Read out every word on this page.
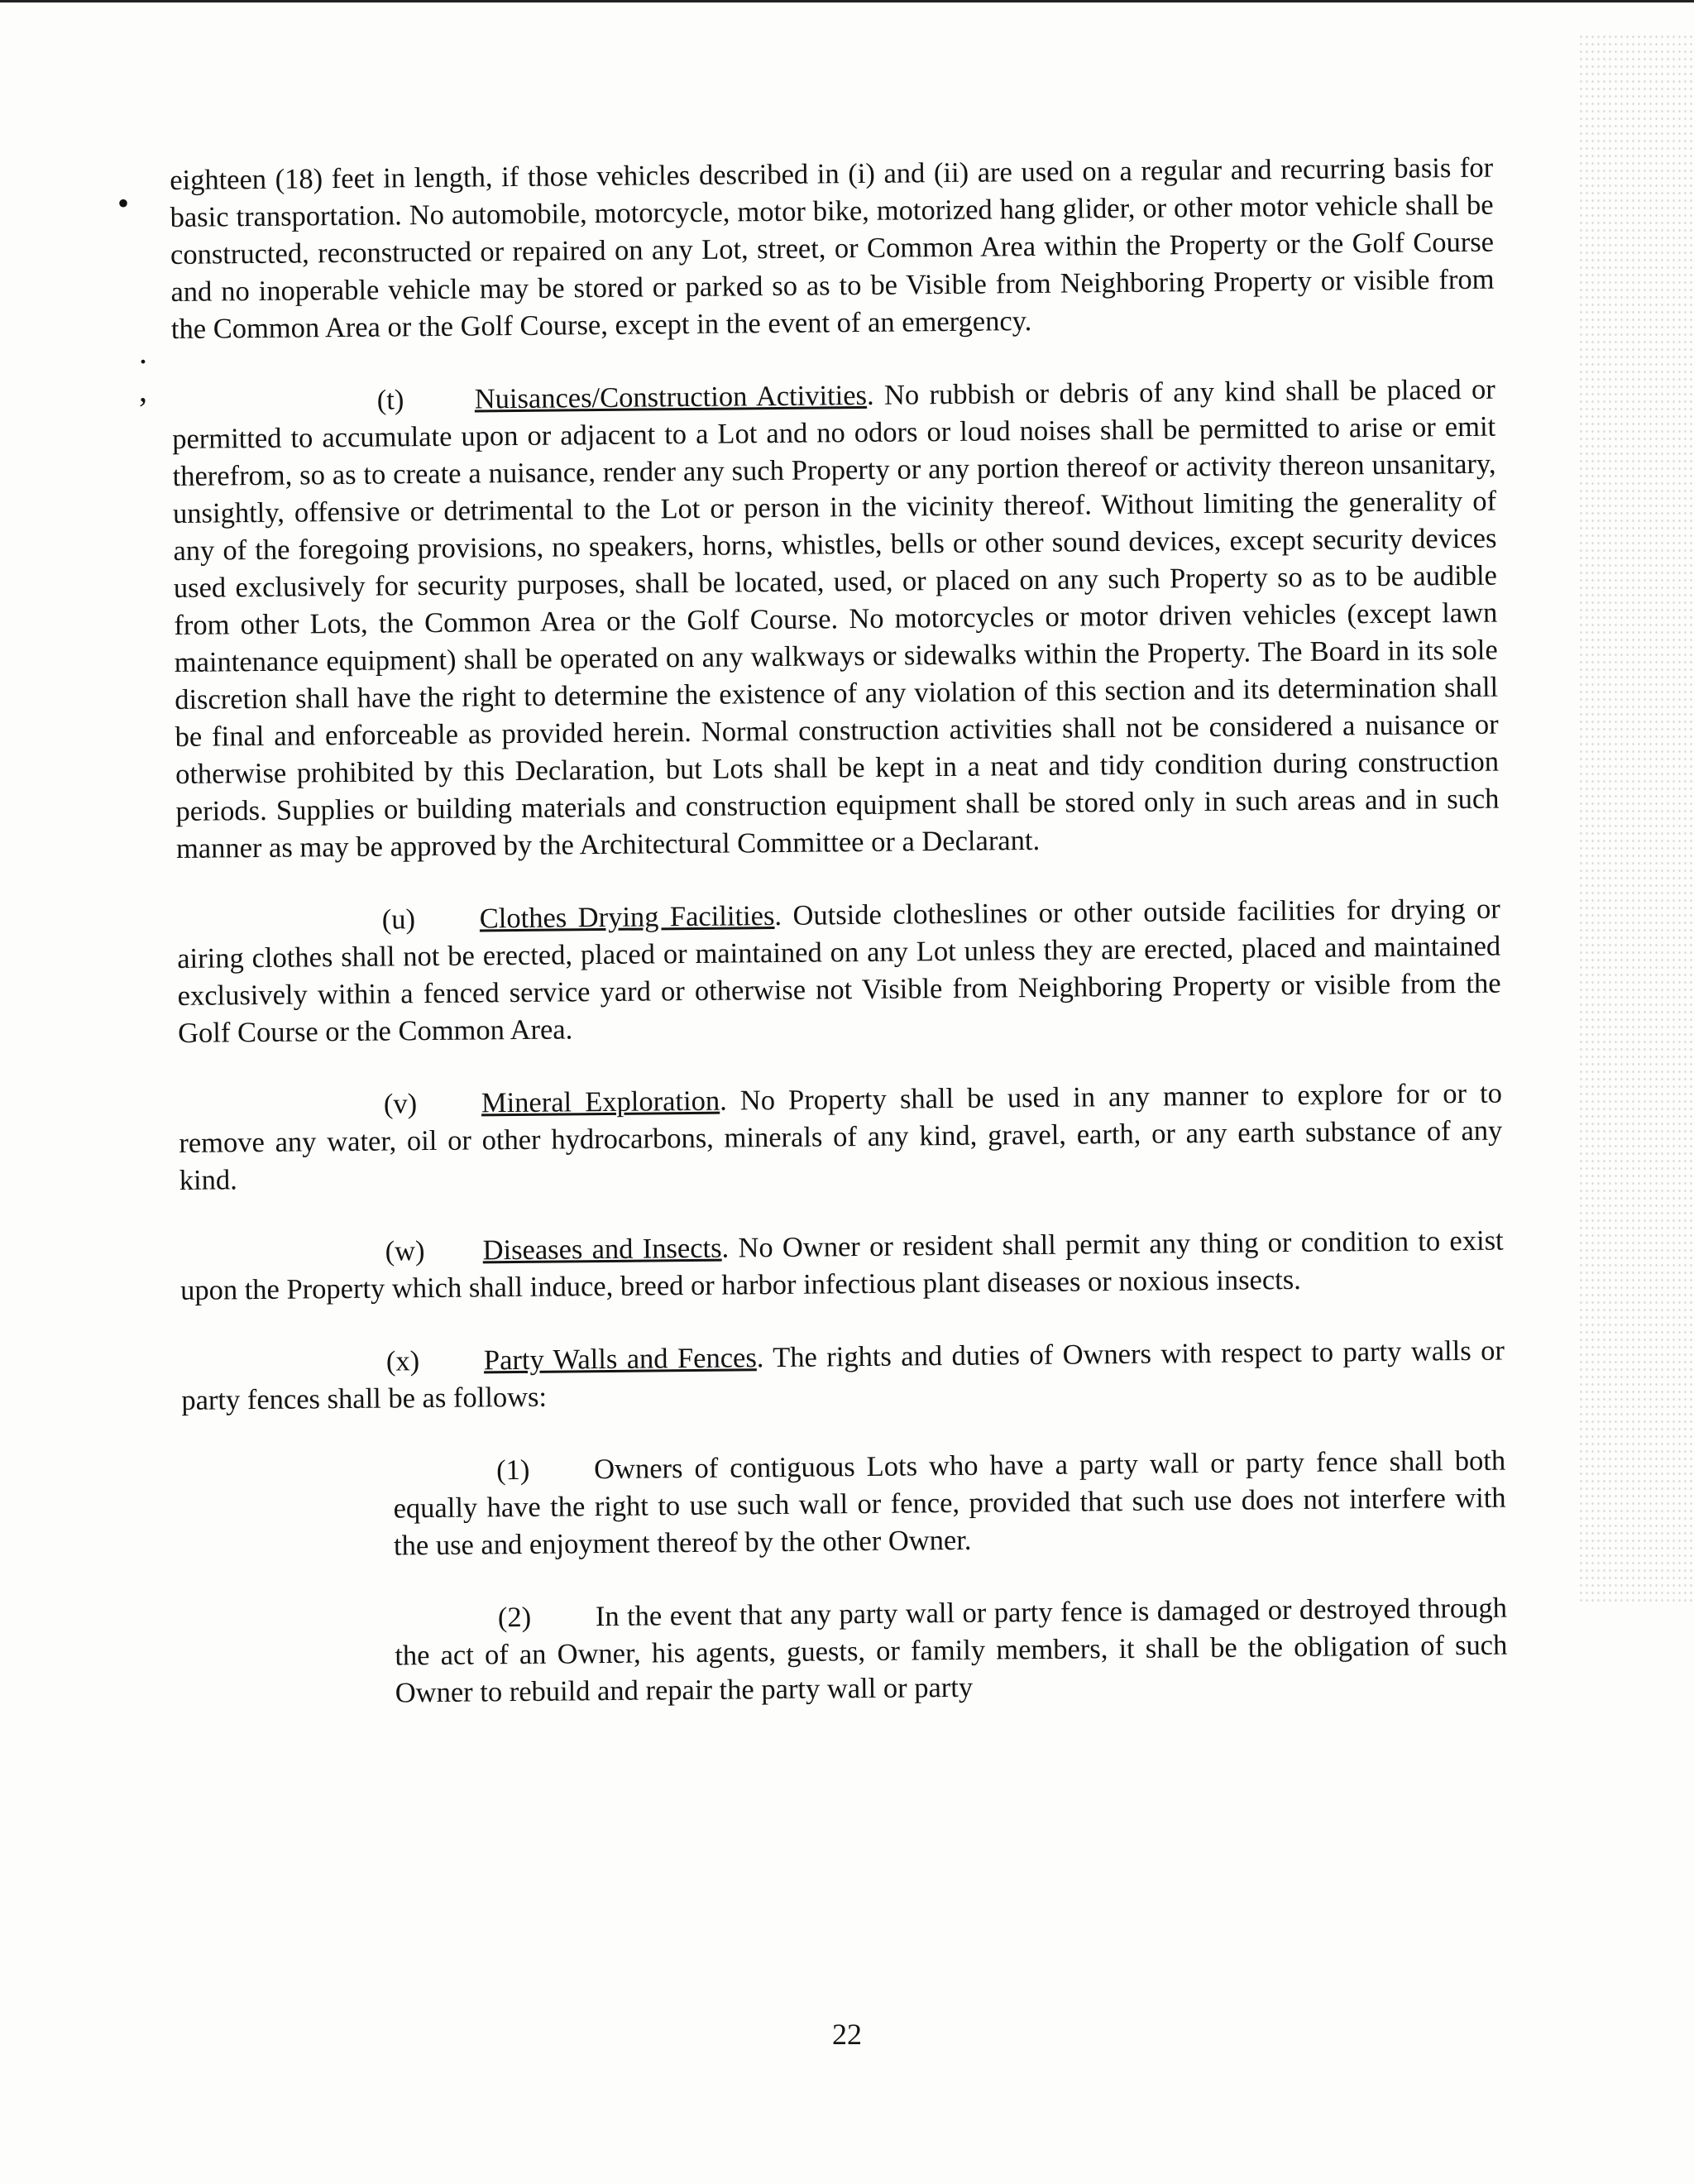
•
.
,

eighteen (18) feet in length, if those vehicles described in (i) and (ii) are used on a regular and recurring basis for basic transportation. No automobile, motorcycle, motor bike, motorized hang glider, or other motor vehicle shall be constructed, reconstructed or repaired on any Lot, street, or Common Area within the Property or the Golf Course and no inoperable vehicle may be stored or parked so as to be Visible from Neighboring Property or visible from the Common Area or the Golf Course, except in the event of an emergency.

(t) Nuisances/Construction Activities. No rubbish or debris of any kind shall be placed or permitted to accumulate upon or adjacent to a Lot and no odors or loud noises shall be permitted to arise or emit therefrom, so as to create a nuisance, render any such Property or any portion thereof or activity thereon unsanitary, unsightly, offensive or detrimental to the Lot or person in the vicinity thereof. Without limiting the generality of any of the foregoing provisions, no speakers, horns, whistles, bells or other sound devices, except security devices used exclusively for security purposes, shall be located, used, or placed on any such Property so as to be audible from other Lots, the Common Area or the Golf Course. No motorcycles or motor driven vehicles (except lawn maintenance equipment) shall be operated on any walkways or sidewalks within the Property. The Board in its sole discretion shall have the right to determine the existence of any violation of this section and its determination shall be final and enforceable as provided herein. Normal construction activities shall not be considered a nuisance or otherwise prohibited by this Declaration, but Lots shall be kept in a neat and tidy condition during construction periods. Supplies or building materials and construction equipment shall be stored only in such areas and in such manner as may be approved by the Architectural Committee or a Declarant.

(u) Clothes Drying Facilities. Outside clotheslines or other outside facilities for drying or airing clothes shall not be erected, placed or maintained on any Lot unless they are erected, placed and maintained exclusively within a fenced service yard or otherwise not Visible from Neighboring Property or visible from the Golf Course or the Common Area.

(v) Mineral Exploration. No Property shall be used in any manner to explore for or to remove any water, oil or other hydrocarbons, minerals of any kind, gravel, earth, or any earth substance of any kind.

(w) Diseases and Insects. No Owner or resident shall permit any thing or condition to exist upon the Property which shall induce, breed or harbor infectious plant diseases or noxious insects.

(x) Party Walls and Fences. The rights and duties of Owners with respect to party walls or party fences shall be as follows:

(1) Owners of contiguous Lots who have a party wall or party fence shall both equally have the right to use such wall or fence, provided that such use does not interfere with the use and enjoyment thereof by the other Owner.

(2) In the event that any party wall or party fence is damaged or destroyed through the act of an Owner, his agents, guests, or family members, it shall be the obligation of such Owner to rebuild and repair the party wall or party

22
